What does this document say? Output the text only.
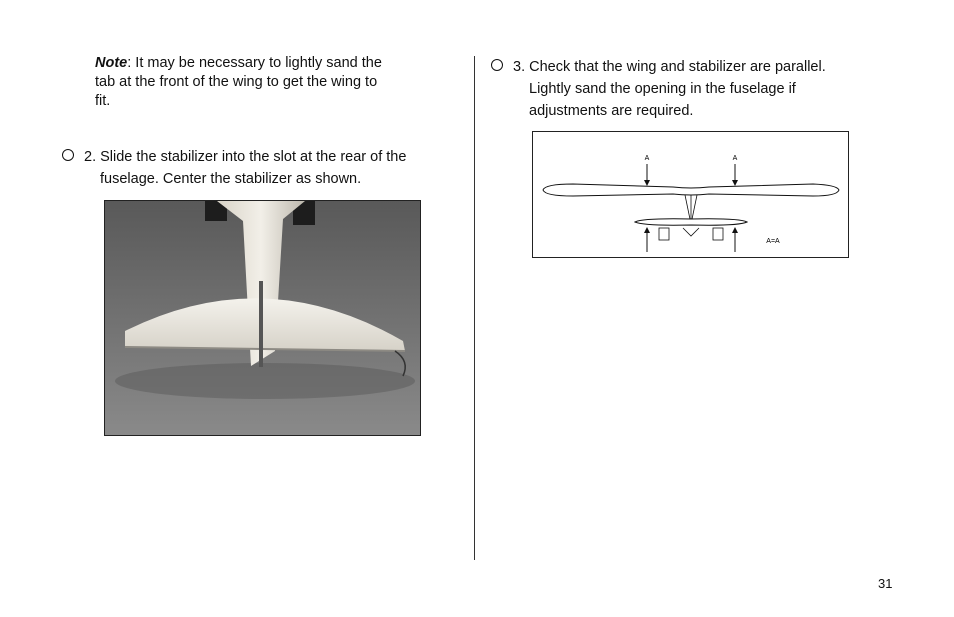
Note: It may be necessary to lightly sand the tab at the front of the wing to get the wing to fit.
2. Slide the stabilizer into the slot at the rear of the
fuselage. Center the stabilizer as shown.
3. Check that the wing and stabilizer are parallel.
Lightly sand the opening in the fuselage if
adjustments are required.
A	A
A=A
31
